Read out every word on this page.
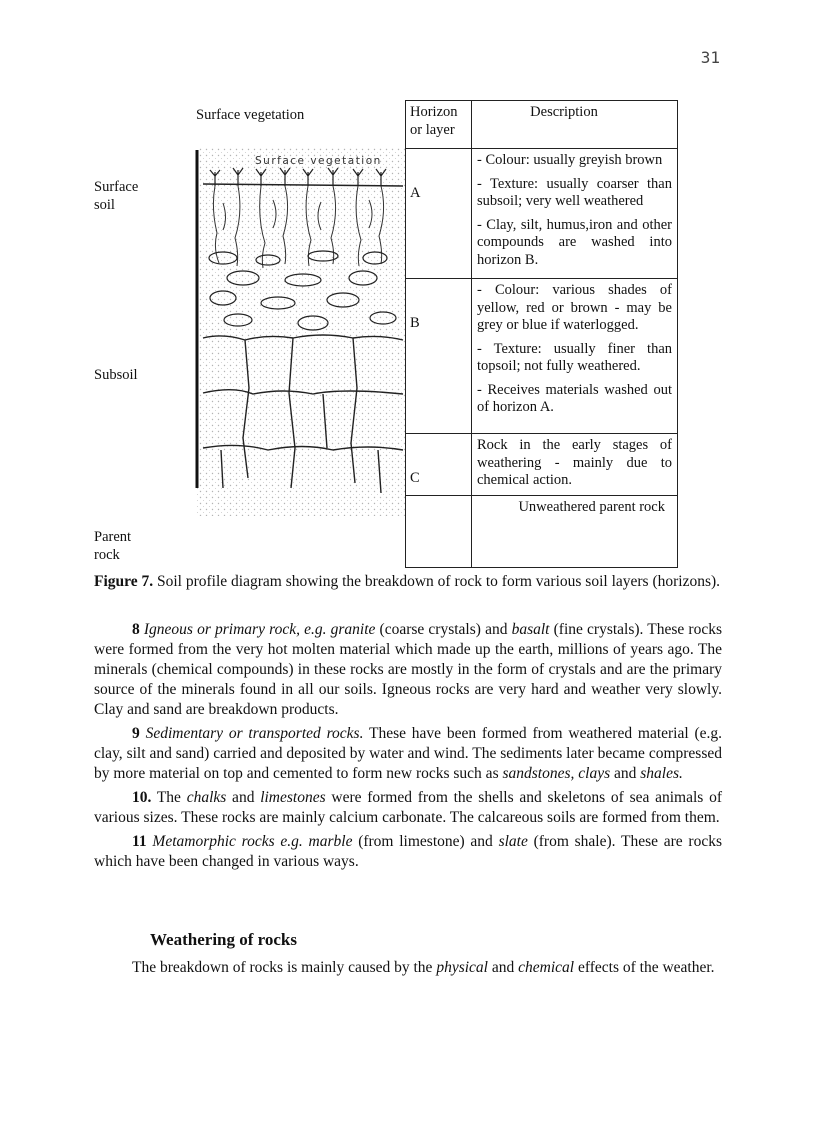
31
Surface vegetation
Surface soil
Subsoil
Parent rock
Surface vegetation
Horizon or layer	Description
A	- Colour: usually greyish brown

- Texture: usually coarser than subsoil; very well weathered

- Clay, silt, humus,iron and other compounds are washed into horizon B.

B	- Colour: various shades of yellow, red or brown - may be grey or blue if waterlogged.

- Texture: usually finer than topsoil; not fully weathered.

- Receives materials washed out of horizon A.

C	Rock in the early stages of weathering - mainly due to chemical action.

	Unweathered parent rock

Figure 7. Soil profile diagram showing the breakdown of rock to form various soil layers (horizons).

8 Igneous or primary rock, e.g. granite (coarse crystals) and basalt (fine crystals). These rocks were formed from the very hot molten material which made up the earth, millions of years ago. The minerals (chemical compounds) in these rocks are mostly in the form of crystals and are the primary source of the minerals found in all our soils. Igneous rocks are very hard and weather very slowly. Clay and sand are breakdown products.

9 Sedimentary or transported rocks. These have been formed from weathered material (e.g. clay, silt and sand) carried and deposited by water and wind. The sediments later became compressed by more material on top and cemented to form new rocks such as sandstones, clays and shales.

10. The chalks and limestones were formed from the shells and skeletons of sea animals of various sizes. These rocks are mainly calcium carbonate. The calcareous soils are formed from them.

11 Metamorphic rocks e.g. marble (from limestone) and slate (from shale). These are rocks which have been changed in various ways.

Weathering of rocks

The breakdown of rocks is mainly caused by the physical and chemical effects of the weather.
